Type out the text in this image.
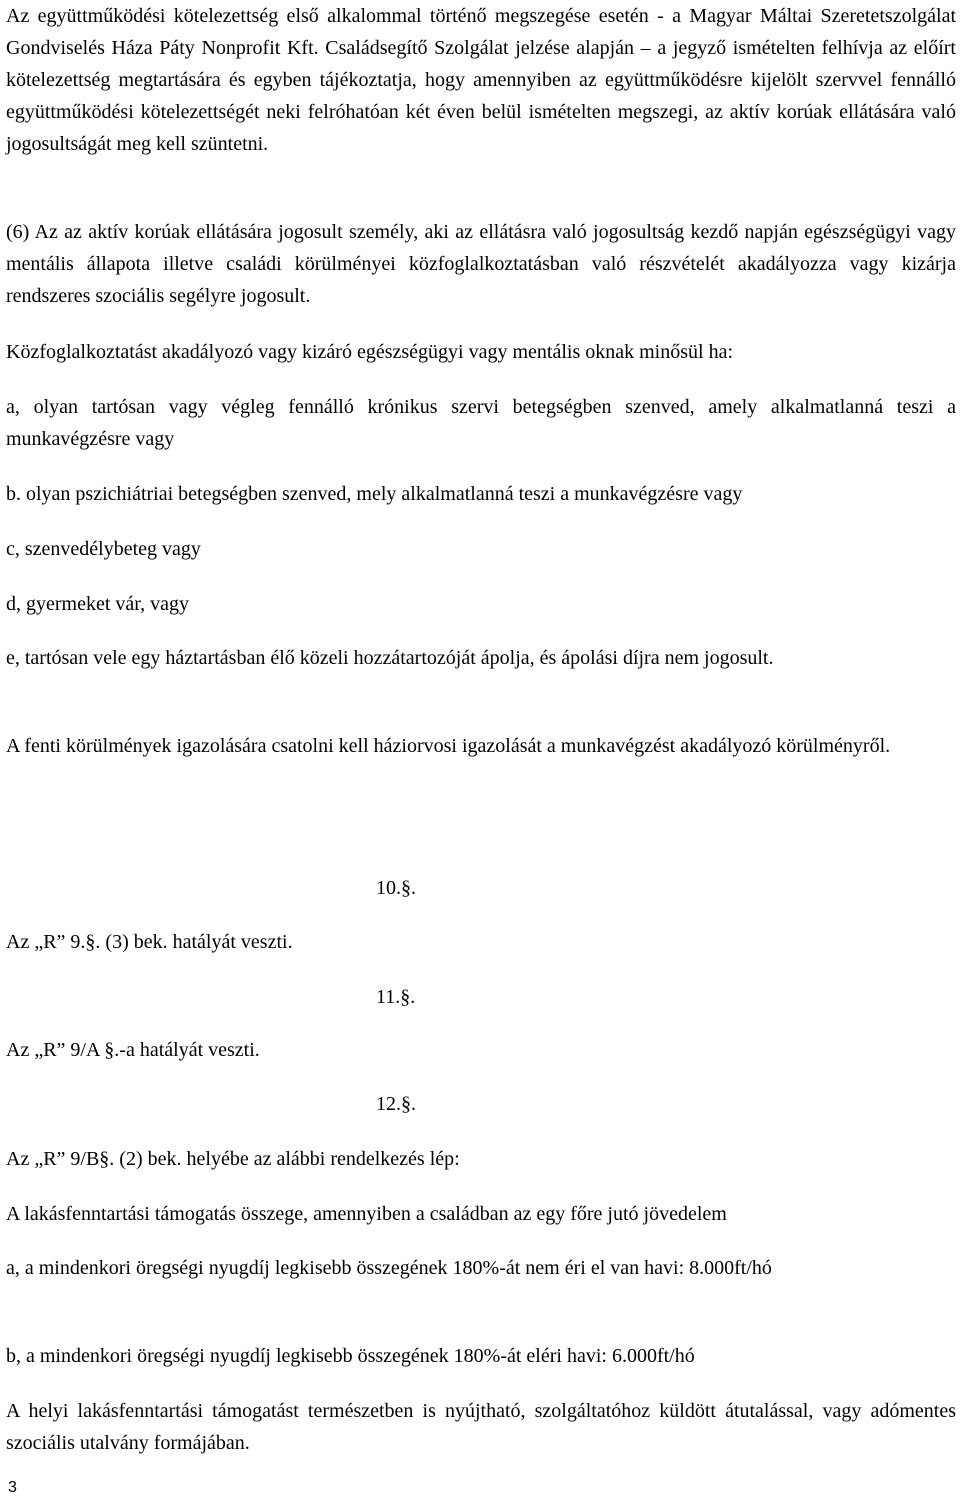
Az együttműködési kötelezettség első alkalommal történő megszegése esetén - a Magyar Máltai Szeretetszolgálat Gondviselés Háza Páty Nonprofit Kft. Családsegítő Szolgálat jelzése alapján – a jegyző ismételten felhívja az előírt kötelezettség megtartására és egyben tájékoztatja, hogy amennyiben az együttműködésre kijelölt szervvel fennálló együttműködési kötelezettségét neki felróhatóan két éven belül ismételten megszegi, az aktív korúak ellátására való jogosultságát meg kell szüntetni.

(6) Az az aktív korúak ellátására jogosult személy, aki az ellátásra való jogosultság kezdő napján egészségügyi vagy mentális állapota illetve családi körülményei közfoglalkoztatásban való részvételét akadályozza vagy kizárja rendszeres szociális segélyre jogosult.

Közfoglalkoztatást akadályozó vagy kizáró egészségügyi vagy mentális oknak minősül ha:

a, olyan tartósan vagy végleg fennálló krónikus szervi betegségben szenved, amely alkalmatlanná teszi a munkavégzésre vagy

b. olyan pszichiátriai betegségben szenved, mely alkalmatlanná teszi a munkavégzésre vagy

c, szenvedélybeteg vagy

d, gyermeket vár, vagy

e, tartósan vele egy háztartásban élő közeli hozzátartozóját ápolja, és ápolási díjra nem jogosult.

A fenti körülmények igazolására csatolni kell háziorvosi igazolását a munkavégzést akadályozó körülményről.

10.§.
Az „R” 9.§. (3) bek. hatályát veszti.
11.§.
Az „R” 9/A §.-a hatályát veszti.
12.§.
Az „R” 9/B§. (2) bek. helyébe az alábbi rendelkezés lép:

A lakásfenntartási támogatás összege, amennyiben a családban az egy főre jutó jövedelem

a, a mindenkori öregségi nyugdíj legkisebb összegének 180%-át nem éri el van havi: 8.000ft/hó

b, a mindenkori öregségi nyugdíj legkisebb összegének 180%-át eléri havi: 6.000ft/hó

A helyi lakásfenntartási támogatást természetben is nyújtható, szolgáltatóhoz küldött átutalással, vagy adómentes szociális utalvány formájában.

3
